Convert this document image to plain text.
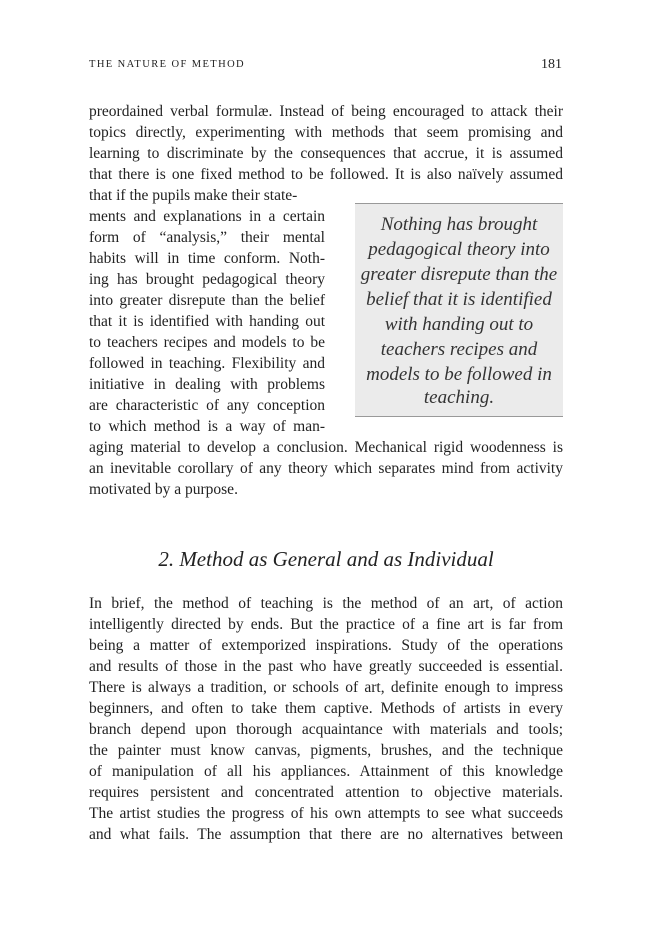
THE NATURE OF METHOD	181
preordained verbal formulæ. Instead of being encouraged to attack their
topics directly, experimenting with methods that seem promising and
learning to discriminate by the consequences that accrue, it is assumed
that there is one fixed method to be followed. It is also naïvely assumed
that if the pupils make their state-
ments and explanations in a certain
form of “analysis,” their mental
habits will in time conform. Noth-
ing has brought pedagogical theory
into greater disrepute than the belief
that it is identified with handing out
to teachers recipes and models to be
followed in teaching. Flexibility and
initiative in dealing with problems
are characteristic of any conception
to which method is a way of man-
aging material to develop a conclusion. Mechanical rigid woodenness is
an inevitable corollary of any theory which separates mind from activity
motivated by a purpose.
Nothing has brought
pedagogical theory into
greater disrepute than the
belief that it is identified
with handing out to
teachers recipes and
models to be followed in
teaching.
2. Method as General and as Individual
In brief, the method of teaching is the method of an art, of action
intelligently directed by ends. But the practice of a fine art is far from
being a matter of extemporized inspirations. Study of the operations
and results of those in the past who have greatly succeeded is essential.
There is always a tradition, or schools of art, definite enough to impress
beginners, and often to take them captive. Methods of artists in every
branch depend upon thorough acquaintance with materials and tools;
the painter must know canvas, pigments, brushes, and the technique
of manipulation of all his appliances. Attainment of this knowledge
requires persistent and concentrated attention to objective materials.
The artist studies the progress of his own attempts to see what succeeds
and what fails. The assumption that there are no alternatives between
